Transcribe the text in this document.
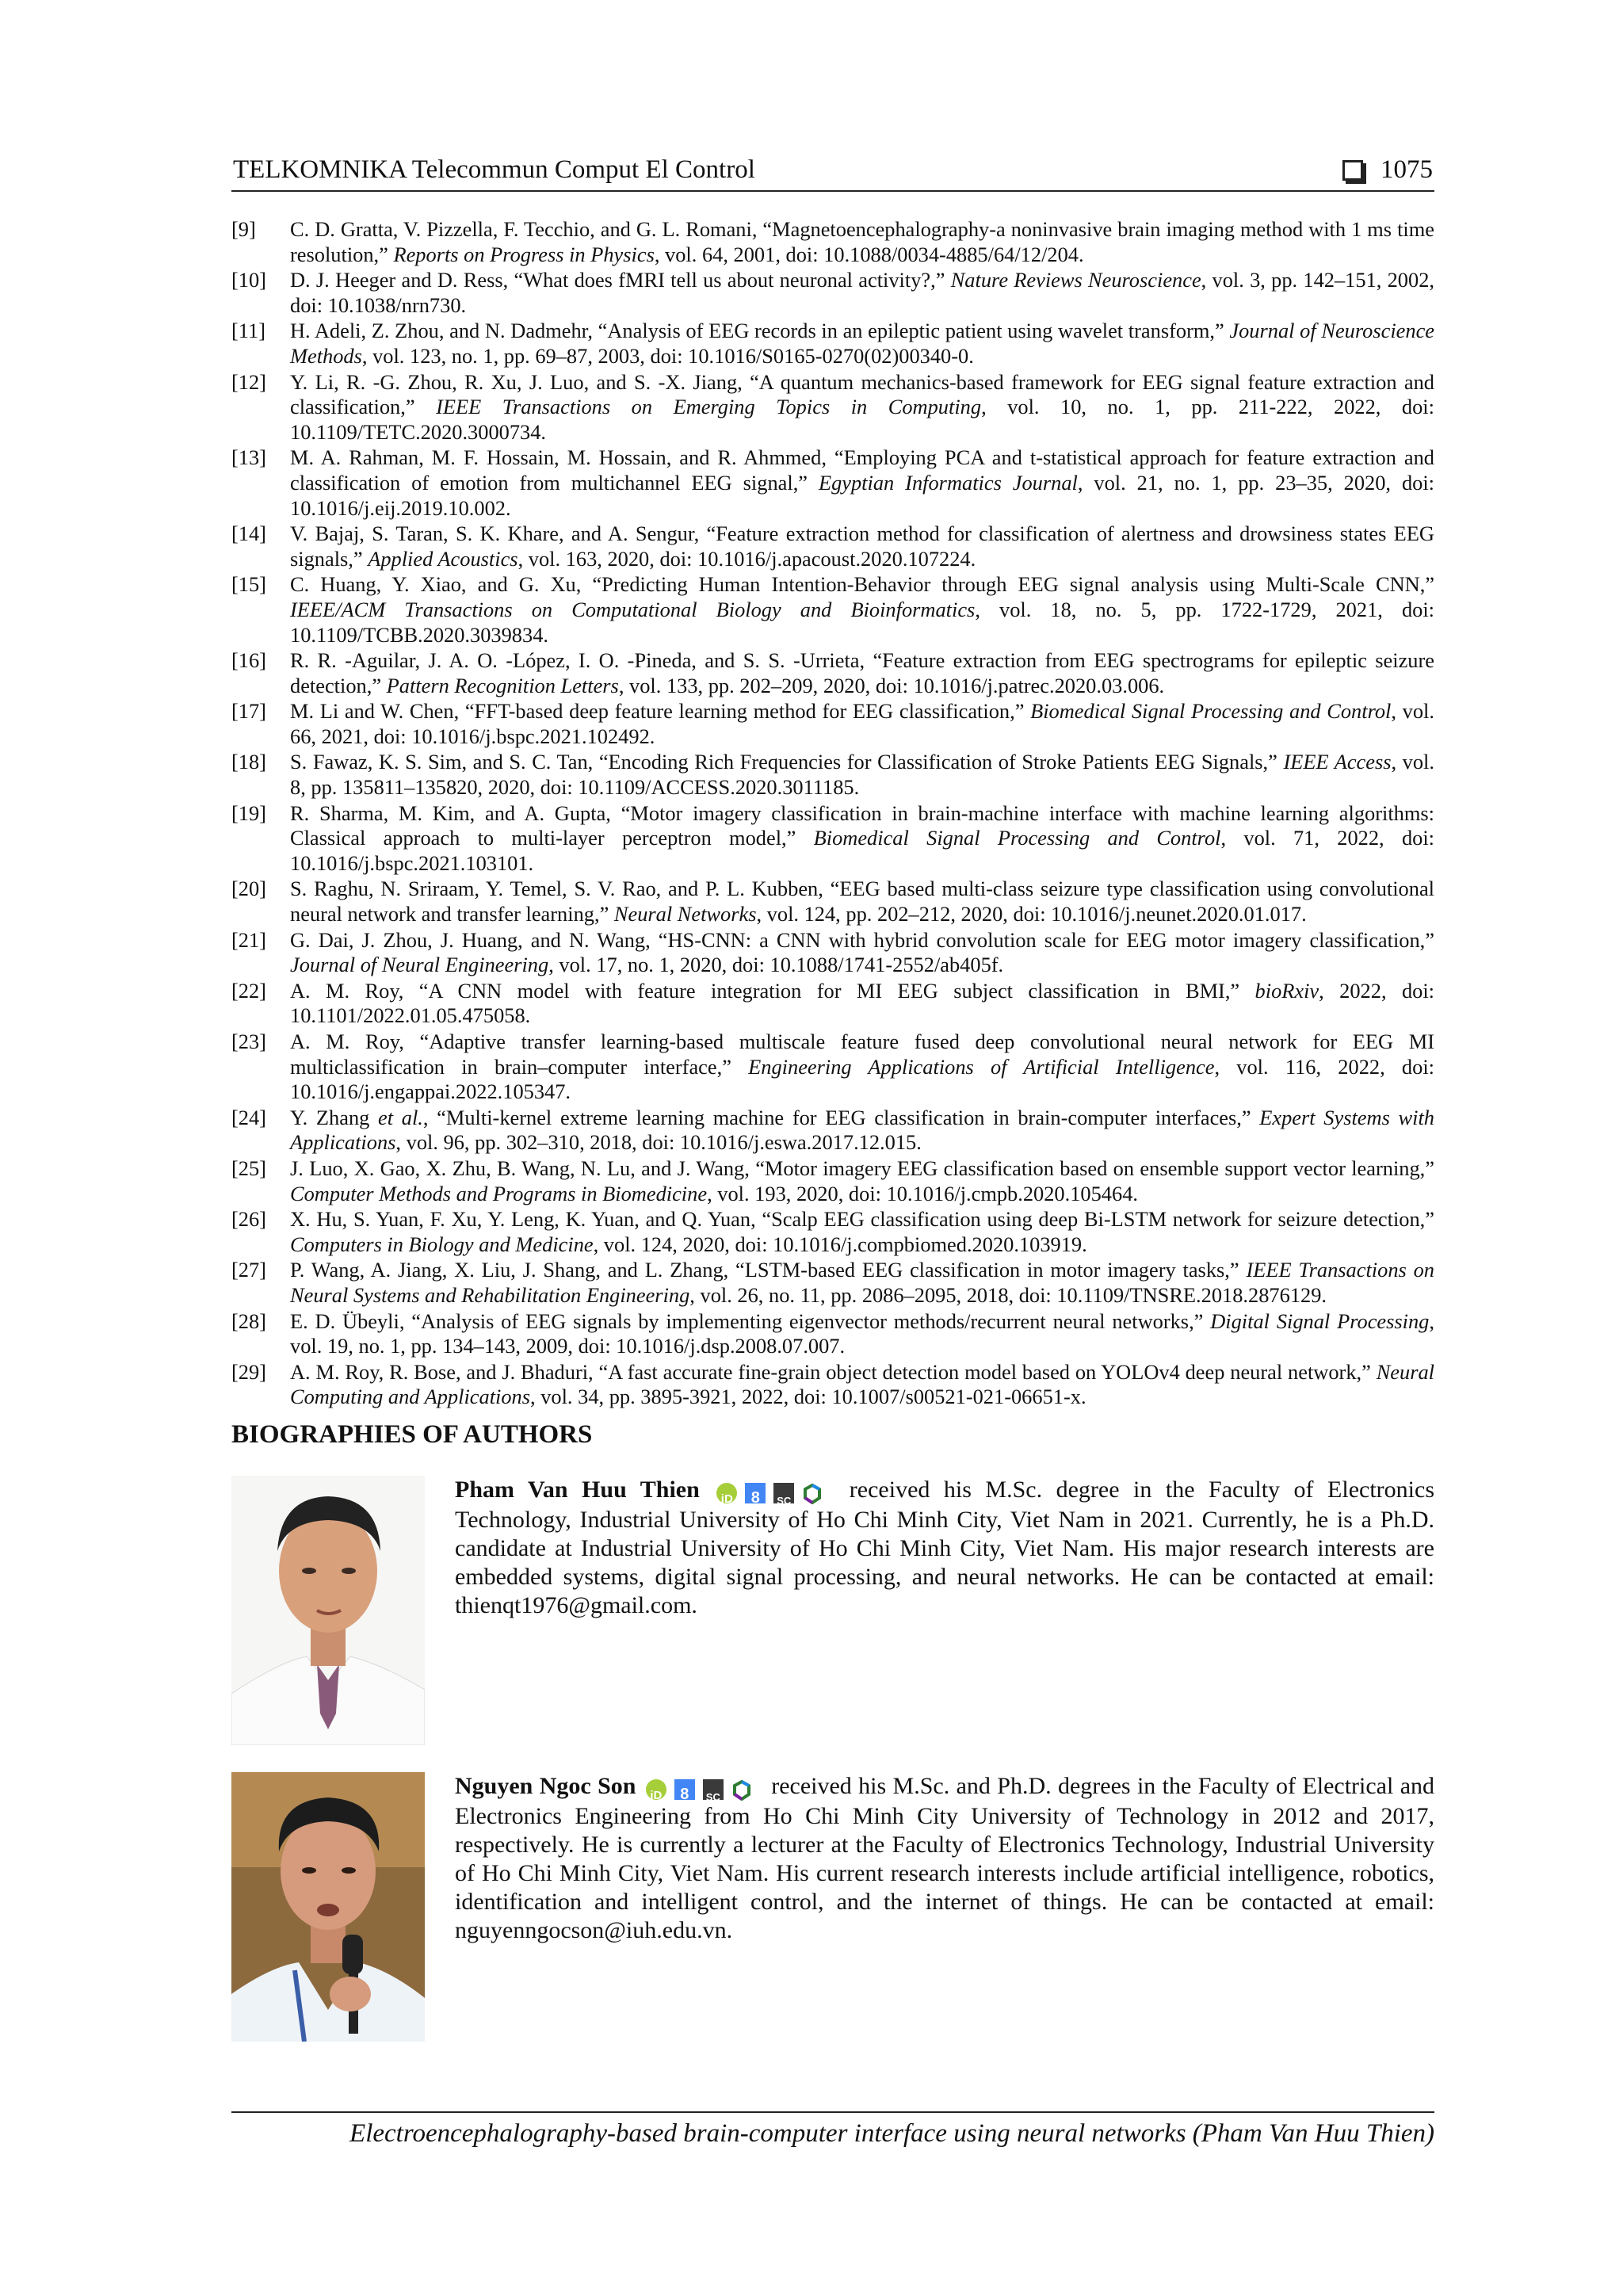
TELKOMNIKA Telecommun Comput El Control	1075
[9] C. D. Gratta, V. Pizzella, F. Tecchio, and G. L. Romani, “Magnetoencephalography-a noninvasive brain imaging method with 1 ms time resolution,” Reports on Progress in Physics, vol. 64, 2001, doi: 10.1088/0034-4885/64/12/204.
[10] D. J. Heeger and D. Ress, “What does fMRI tell us about neuronal activity?,” Nature Reviews Neuroscience, vol. 3, pp. 142–151, 2002, doi: 10.1038/nrn730.
[11] H. Adeli, Z. Zhou, and N. Dadmehr, “Analysis of EEG records in an epileptic patient using wavelet transform,” Journal of Neuroscience Methods, vol. 123, no. 1, pp. 69–87, 2003, doi: 10.1016/S0165-0270(02)00340-0.
[12] Y. Li, R. -G. Zhou, R. Xu, J. Luo, and S. -X. Jiang, “A quantum mechanics-based framework for EEG signal feature extraction and classification,” IEEE Transactions on Emerging Topics in Computing, vol. 10, no. 1, pp. 211-222, 2022, doi: 10.1109/TETC.2020.3000734.
[13] M. A. Rahman, M. F. Hossain, M. Hossain, and R. Ahmmed, “Employing PCA and t-statistical approach for feature extraction and classification of emotion from multichannel EEG signal,” Egyptian Informatics Journal, vol. 21, no. 1, pp. 23–35, 2020, doi: 10.1016/j.eij.2019.10.002.
[14] V. Bajaj, S. Taran, S. K. Khare, and A. Sengur, “Feature extraction method for classification of alertness and drowsiness states EEG signals,” Applied Acoustics, vol. 163, 2020, doi: 10.1016/j.apacoust.2020.107224.
[15] C. Huang, Y. Xiao, and G. Xu, “Predicting Human Intention-Behavior through EEG signal analysis using Multi-Scale CNN,” IEEE/ACM Transactions on Computational Biology and Bioinformatics, vol. 18, no. 5, pp. 1722-1729, 2021, doi: 10.1109/TCBB.2020.3039834.
[16] R. R. -Aguilar, J. A. O. -López, I. O. -Pineda, and S. S. -Urrieta, “Feature extraction from EEG spectrograms for epileptic seizure detection,” Pattern Recognition Letters, vol. 133, pp. 202–209, 2020, doi: 10.1016/j.patrec.2020.03.006.
[17] M. Li and W. Chen, “FFT-based deep feature learning method for EEG classification,” Biomedical Signal Processing and Control, vol. 66, 2021, doi: 10.1016/j.bspc.2021.102492.
[18] S. Fawaz, K. S. Sim, and S. C. Tan, “Encoding Rich Frequencies for Classification of Stroke Patients EEG Signals,” IEEE Access, vol. 8, pp. 135811–135820, 2020, doi: 10.1109/ACCESS.2020.3011185.
[19] R. Sharma, M. Kim, and A. Gupta, “Motor imagery classification in brain-machine interface with machine learning algorithms: Classical approach to multi-layer perceptron model,” Biomedical Signal Processing and Control, vol. 71, 2022, doi: 10.1016/j.bspc.2021.103101.
[20] S. Raghu, N. Sriraam, Y. Temel, S. V. Rao, and P. L. Kubben, “EEG based multi-class seizure type classification using convolutional neural network and transfer learning,” Neural Networks, vol. 124, pp. 202–212, 2020, doi: 10.1016/j.neunet.2020.01.017.
[21] G. Dai, J. Zhou, J. Huang, and N. Wang, “HS-CNN: a CNN with hybrid convolution scale for EEG motor imagery classification,” Journal of Neural Engineering, vol. 17, no. 1, 2020, doi: 10.1088/1741-2552/ab405f.
[22] A. M. Roy, “A CNN model with feature integration for MI EEG subject classification in BMI,” bioRxiv, 2022, doi: 10.1101/2022.01.05.475058.
[23] A. M. Roy, “Adaptive transfer learning-based multiscale feature fused deep convolutional neural network for EEG MI multiclassification in brain–computer interface,” Engineering Applications of Artificial Intelligence, vol. 116, 2022, doi: 10.1016/j.engappai.2022.105347.
[24] Y. Zhang et al., “Multi-kernel extreme learning machine for EEG classification in brain-computer interfaces,” Expert Systems with Applications, vol. 96, pp. 302–310, 2018, doi: 10.1016/j.eswa.2017.12.015.
[25] J. Luo, X. Gao, X. Zhu, B. Wang, N. Lu, and J. Wang, “Motor imagery EEG classification based on ensemble support vector learning,” Computer Methods and Programs in Biomedicine, vol. 193, 2020, doi: 10.1016/j.cmpb.2020.105464.
[26] X. Hu, S. Yuan, F. Xu, Y. Leng, K. Yuan, and Q. Yuan, “Scalp EEG classification using deep Bi-LSTM network for seizure detection,” Computers in Biology and Medicine, vol. 124, 2020, doi: 10.1016/j.compbiomed.2020.103919.
[27] P. Wang, A. Jiang, X. Liu, J. Shang, and L. Zhang, “LSTM-based EEG classification in motor imagery tasks,” IEEE Transactions on Neural Systems and Rehabilitation Engineering, vol. 26, no. 11, pp. 2086–2095, 2018, doi: 10.1109/TNSRE.2018.2876129.
[28] E. D. Übeyli, “Analysis of EEG signals by implementing eigenvector methods/recurrent neural networks,” Digital Signal Processing, vol. 19, no. 1, pp. 134–143, 2009, doi: 10.1016/j.dsp.2008.07.007.
[29] A. M. Roy, R. Bose, and J. Bhaduri, “A fast accurate fine-grain object detection model based on YOLOv4 deep neural network,” Neural Computing and Applications, vol. 34, pp. 3895-3921, 2022, doi: 10.1007/s00521-021-06651-x.
BIOGRAPHIES OF AUTHORS

Pham Van Huu Thien iD 8 SC	received his M.Sc. degree in the Faculty of Electronics Technology, Industrial University of Ho Chi Minh City, Viet Nam in 2021. Currently, he is a Ph.D. candidate at Industrial University of Ho Chi Minh City, Viet Nam. His major research interests are embedded systems, digital signal processing, and neural networks. He can be contacted at email: thienqt1976@gmail.com.

Nguyen Ngoc Son iD 8 SC	received his M.Sc. and Ph.D. degrees in the Faculty of Electrical and Electronics Engineering from Ho Chi Minh City University of Technology in 2012 and 2017, respectively. He is currently a lecturer at the Faculty of Electronics Technology, Industrial University of Ho Chi Minh City, Viet Nam. His current research interests include artificial intelligence, robotics, identification and intelligent control, and the internet of things. He can be contacted at email: nguyenngocson@iuh.edu.vn.

Electroencephalography-based brain-computer interface using neural networks (Pham Van Huu Thien)
